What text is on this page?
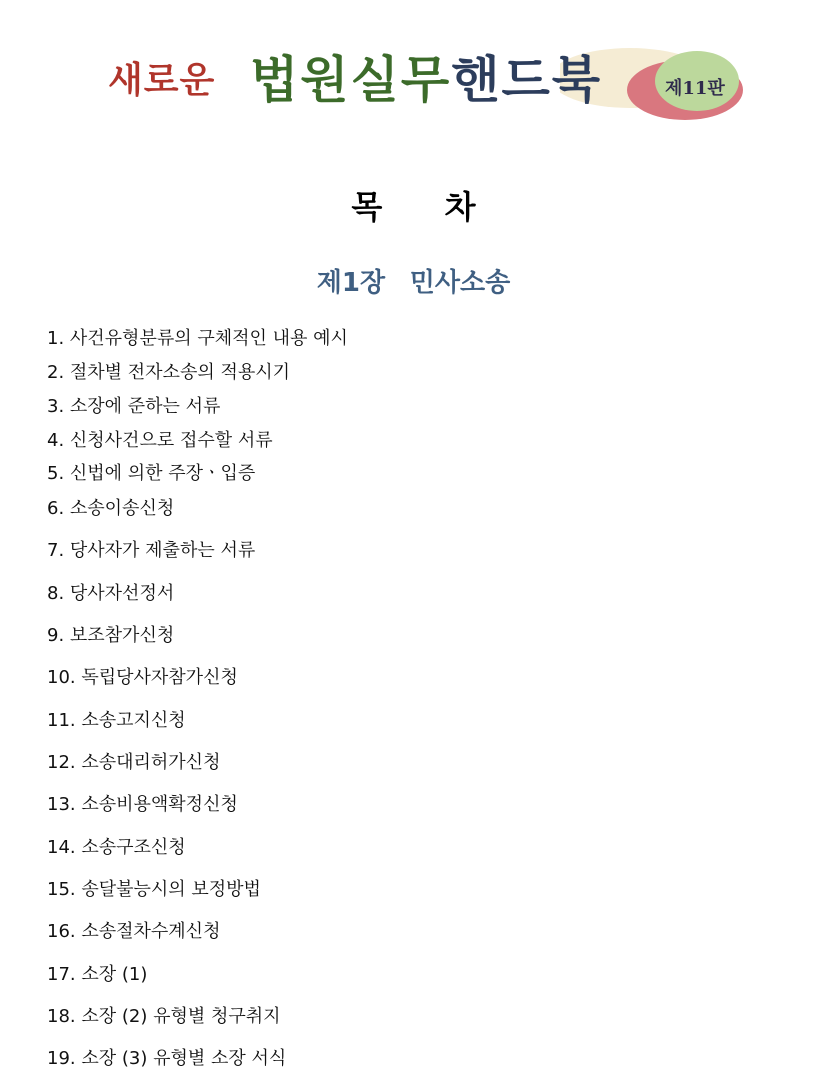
새로운	제11판
법원실무핸드북
목 차
제1장 민사소송
1. 사건유형분류의 구체적인 내용 예시
2. 절차별 전자소송의 적용시기
3. 소장에 준하는 서류
4. 신청사건으로 접수할 서류
5. 신법에 의한 주장ㆍ입증
6. 소송이송신청
7. 당사자가 제출하는 서류
8. 당사자선정서
9. 보조참가신청
10. 독립당사자참가신청
11. 소송고지신청
12. 소송대리허가신청
13. 소송비용액확정신청
14. 소송구조신청
15. 송달불능시의 보정방법
16. 소송절차수계신청
17. 소장 (1)
18. 소장 (2) 유형별 청구취지
19. 소장 (3) 유형별 소장 서식
